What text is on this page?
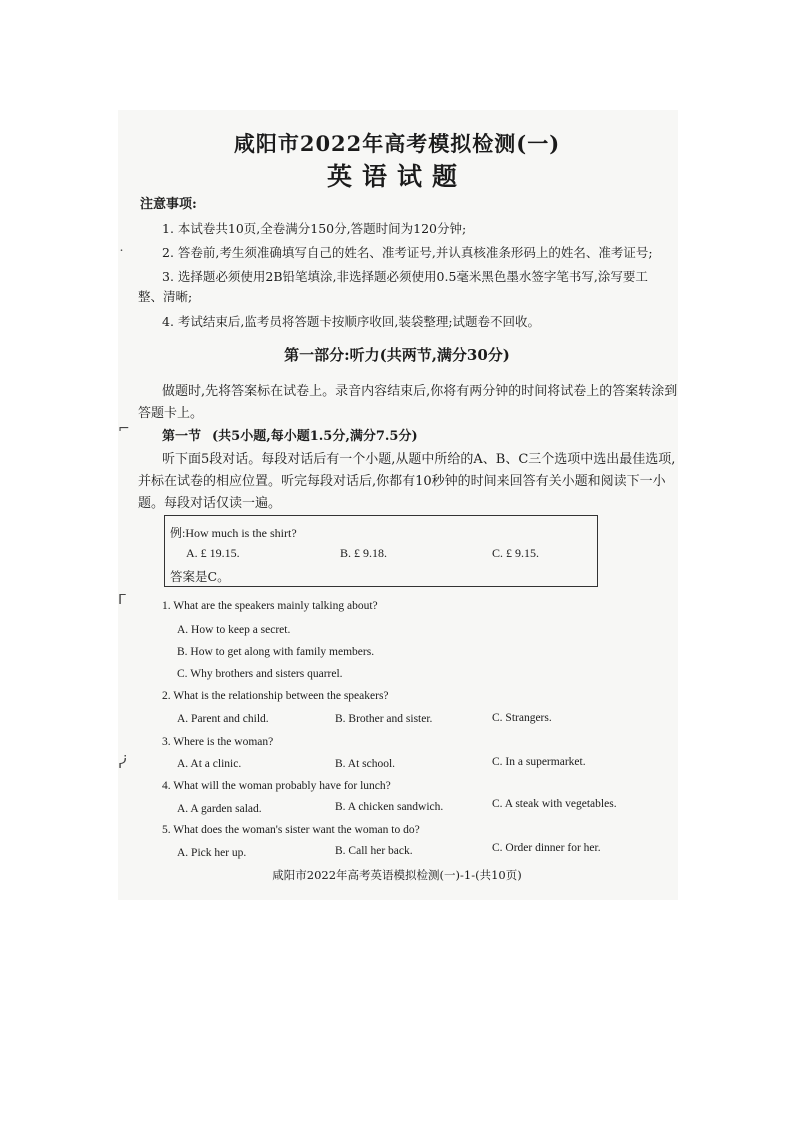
˙
⌐
ᒥ
ᓰ
咸阳市2022年高考模拟检测(一)
英语试题
注意事项:
1. 本试卷共10页,全卷满分150分,答题时间为120分钟;
2. 答卷前,考生须准确填写自己的姓名、准考证号,并认真核准条形码上的姓名、准考证号;
3. 选择题必须使用2B铅笔填涂,非选择题必须使用0.5毫米黑色墨水签字笔书写,涂写要工
整、清晰;
4. 考试结束后,监考员将答题卡按顺序收回,装袋整理;试题卷不回收。
第一部分:听力(共两节,满分30分)
做题时,先将答案标在试卷上。录音内容结束后,你将有两分钟的时间将试卷上的答案转涂到
答题卡上。
第一节 (共5小题,每小题1.5分,满分7.5分)
听下面5段对话。每段对话后有一个小题,从题中所给的A、B、C三个选项中选出最佳选项,
并标在试卷的相应位置。听完每段对话后,你都有10秒钟的时间来回答有关小题和阅读下一小
题。每段对话仅读一遍。
例:How much is the shirt?
A. £ 19.15.	B. £ 9.18.	C. £ 9.15.
答案是C。
1. What are the speakers mainly talking about?
A. How to keep a secret.
B. How to get along with family members.
C. Why brothers and sisters quarrel.
2. What is the relationship between the speakers?
A. Parent and child.	B. Brother and sister.	C. Strangers.
3. Where is the woman?
A. At a clinic.	B. At school.	C. In a supermarket.
4. What will the woman probably have for lunch?
A. A garden salad.	B. A chicken sandwich.	C. A steak with vegetables.
5. What does the woman's sister want the woman to do?
A. Pick her up.	B. Call her back.	C. Order dinner for her.
咸阳市2022年高考英语模拟检测(一)-1-(共10页)
